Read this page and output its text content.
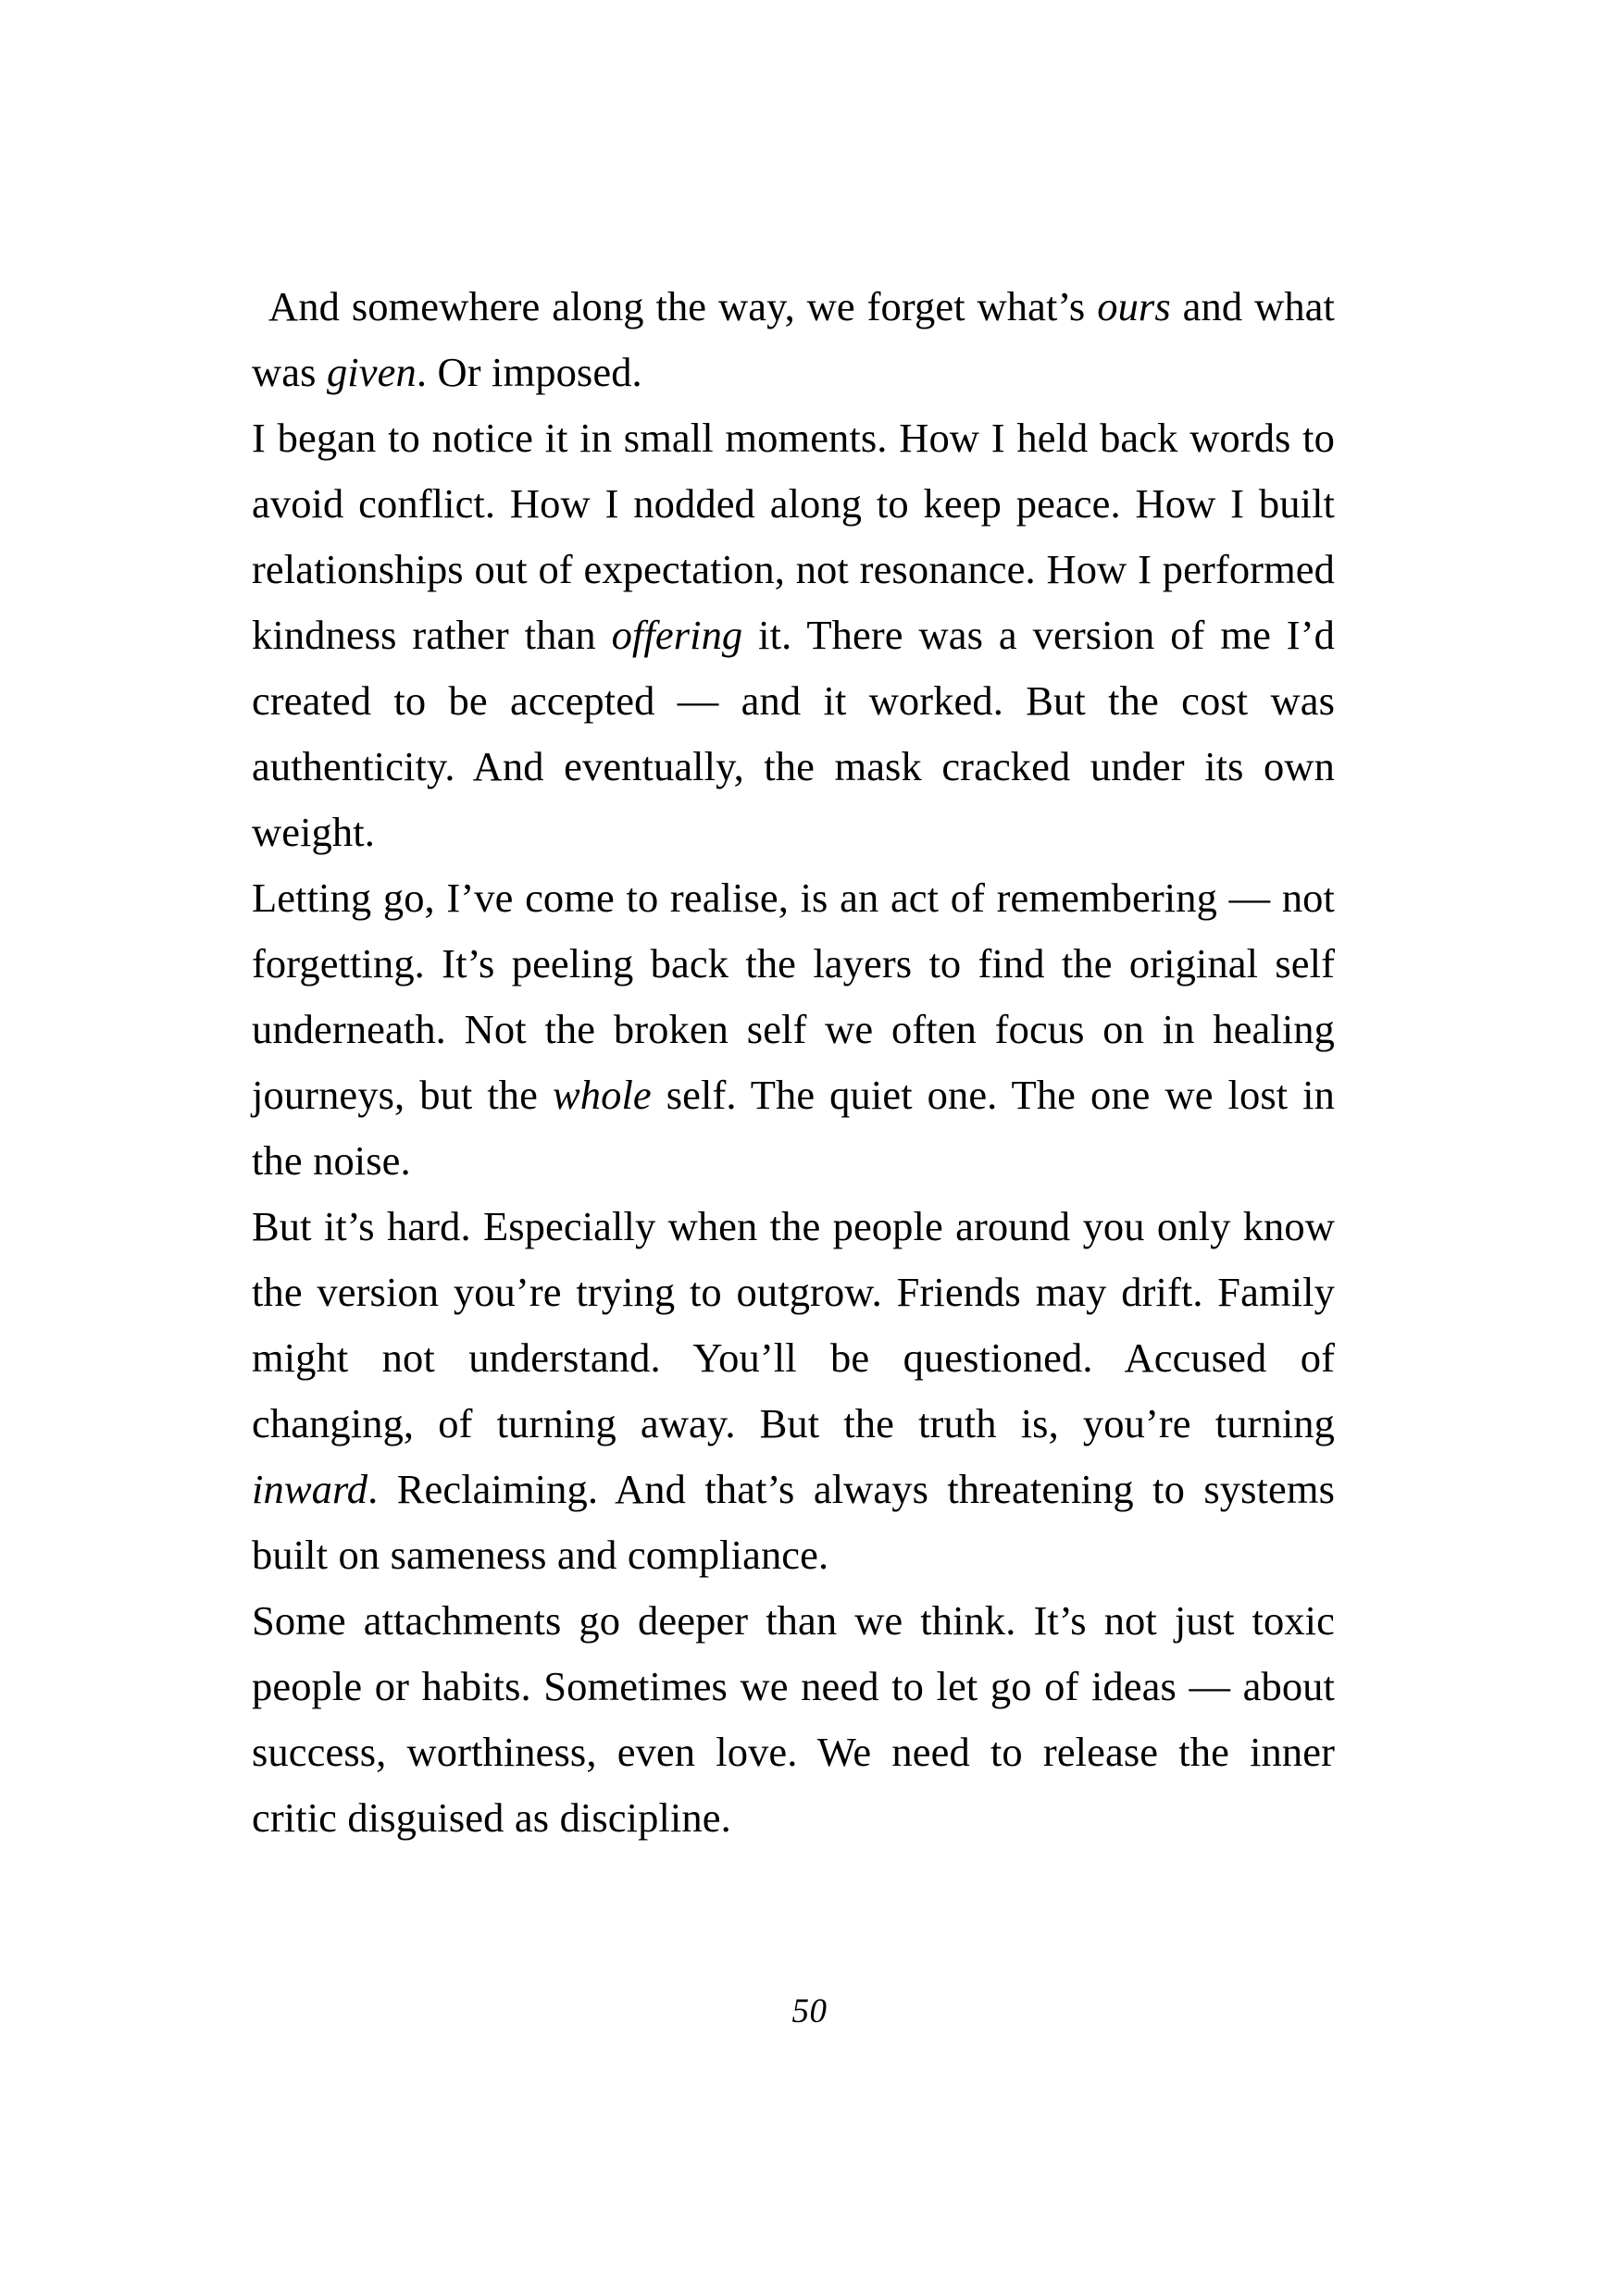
And somewhere along the way, we forget what’s ours and what was given. Or imposed.

I began to notice it in small moments. How I held back words to avoid conflict. How I nodded along to keep peace. How I built relationships out of expectation, not resonance. How I performed kindness rather than offering it. There was a version of me I’d created to be accepted — and it worked. But the cost was authenticity. And eventually, the mask cracked under its own weight.

Letting go, I’ve come to realise, is an act of remembering — not forgetting. It’s peeling back the layers to find the original self underneath. Not the broken self we often focus on in healing journeys, but the whole self. The quiet one. The one we lost in the noise.

But it’s hard. Especially when the people around you only know the version you’re trying to outgrow. Friends may drift. Family might not understand. You’ll be questioned. Accused of changing, of turning away. But the truth is, you’re turning inward. Reclaiming. And that’s always threatening to systems built on sameness and compliance.

Some attachments go deeper than we think. It’s not just toxic people or habits. Sometimes we need to let go of ideas — about success, worthiness, even love. We need to release the inner critic disguised as discipline.

50
